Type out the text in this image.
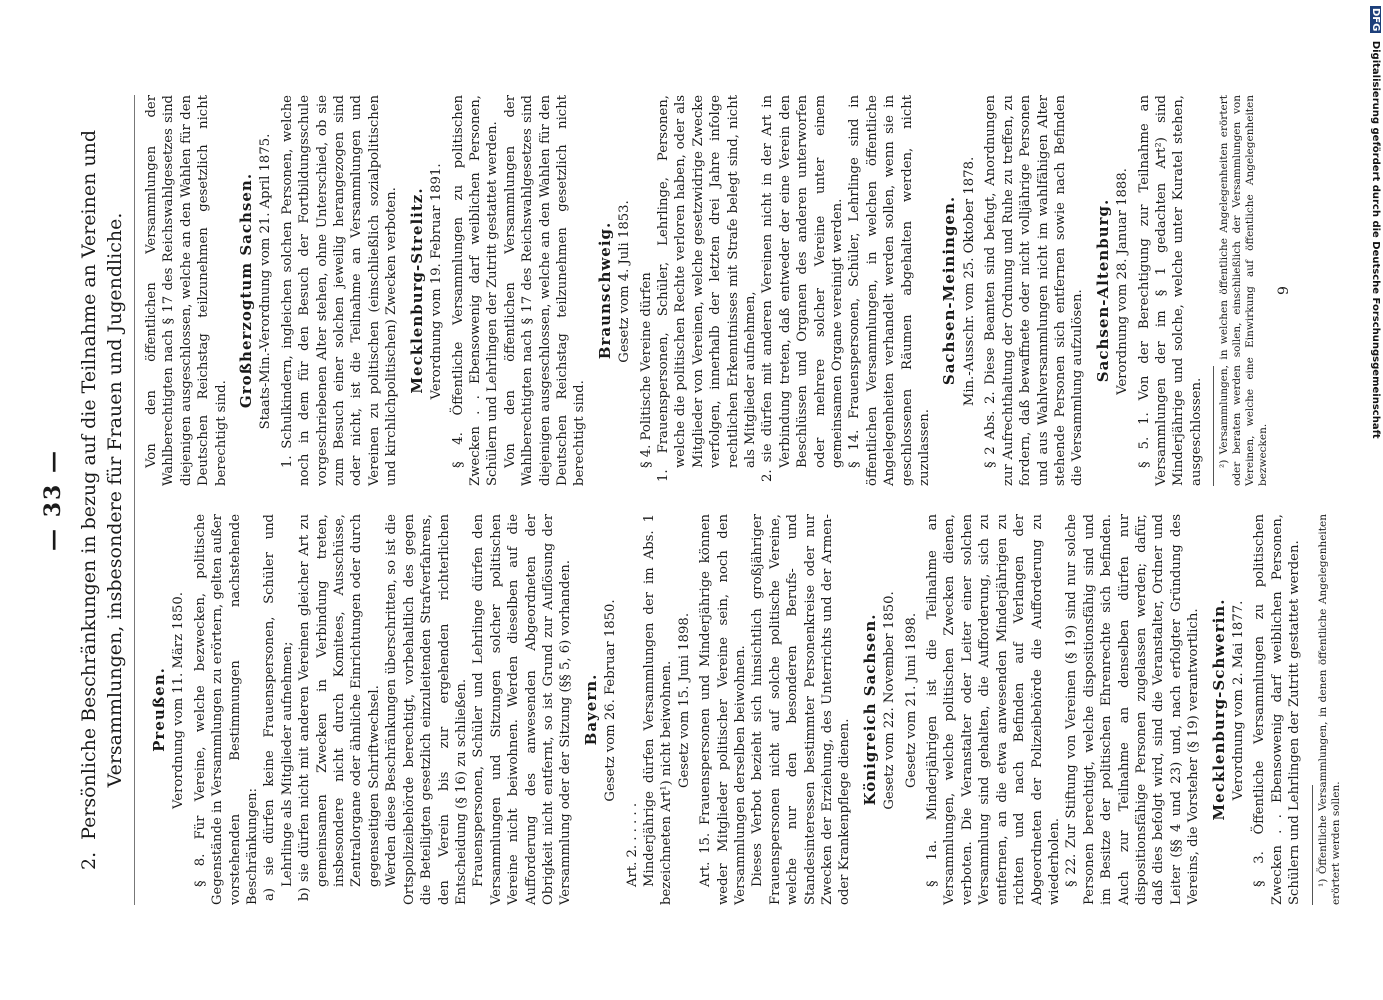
— 33 —
2.Persönliche Beschränkungen in bezug auf die Teilnahme an Vereinen und Versammlungen, insbesondere für Frauen und Jugendliche. Preußen. Verordnung vom 11. März 1850. § 8. Für Vereine, welche bezwecken, politische Gegenstände in Versammlungen zu erörtern, gelten außer vorstehenden Bestimmungen nachstehende Beschränkungen: a) sie dürfen keine Frauenspersonen, Schüler und Lehrlinge als Mitglieder aufnehmen; b) sie dürfen nicht mit anderen Vereinen gleicher Art zu gemeinsamen Zwecken in Verbindung treten, insbesondere nicht durch Komitees, Ausschüsse, Zentralorgane oder ähnliche Einrichtungen oder durch gegenseitigen Schriftwechsel. Werden diese Beschränkungen überschritten, so ist die Ortspolizeibehörde berechtigt, vorbehaltlich des gegen die Beteiligten gesetzlich einzuleitenden Strafverfahrens, den Verein bis zur ergehenden richterlichen Entscheidung (§ 16) zu schließen. Frauenspersonen, Schüler und Lehrlinge dürfen den Versammlungen und Sitzungen solcher politischen Vereine nicht beiwohnen. Werden dieselben auf die Aufforderung des anwesenden Abgeordneten der Obrigkeit nicht entfernt, so ist Grund zur Auflösung der Versammlung oder der Sitzung (§§ 5, 6) vorhanden. Bayern. Gesetz vom 26. Februar 1850.

Art. 2. . . . . . Minderjährige dürfen Versammlungen der im Abs. 1 bezeichneten Art¹) nicht beiwohnen. Gesetz vom 15. Juni 1898. Art. 15. Frauenspersonen und Minderjährige können weder Mitglieder politischer Vereine sein, noch den Versammlungen derselben beiwohnen. Dieses Verbot bezieht sich hinsichtlich großjähriger Frauenspersonen nicht auf solche politische Vereine, welche nur den besonderen Berufs- und Standesinteressen bestimmter Personenkreise oder nur Zwecken der Erziehung, des Unterrichts und der Armen- oder Krankenpflege dienen.

Königreich Sachsen. Gesetz vom 22. November 1850. Gesetz vom 21. Juni 1898. § 1a. Minderjährigen ist die Teilnahme an Versammlungen, welche politischen Zwecken dienen, verboten. Die Veranstalter oder Leiter einer solchen Versammlung sind gehalten, die Aufforderung, sich zu entfernen, an die etwa anwesenden Minderjährigen zu richten und nach Befinden auf Verlangen der Abgeordneten der Polizeibehörde die Aufforderung zu wiederholen. § 22. Zur Stiftung von Vereinen (§ 19) sind nur solche Personen berechtigt, welche dispositionsfähig sind und im Besitze der politischen Ehrenrechte sich befinden. Auch zur Teilnahme an denselben dürfen nur dispositionsfähige Personen zugelassen werden; dafür, daß dies befolgt wird, sind die Veranstalter, Ordner und Leiter (§§ 4 und 23) und, nach erfolgter Gründung des Vereins, die Vorsteher (§ 19) verantwortlich. Mecklenburg-Schwerin. Verordnung vom 2. Mai 1877. § 3. Öffentliche Versammlungen zu politischen Zwecken . . Ebensowenig darf weiblichen Personen, Schülern und Lehrlingen der Zutritt gestattet werden. ¹) Öffentliche Versammlungen, in denen öffentliche Angelegenheiten erörtert werden sollen.

Von den öffentlichen Versammlungen der Wahlberechtigten nach § 17 des Reichswahlgesetzes sind diejenigen ausgeschlossen, welche an den Wahlen für den Deutschen Reichstag teilzunehmen gesetzlich nicht berechtigt sind.

Großherzogtum Sachsen. Staats-Min.-Verordnung vom 21. April 1875. 1. Schulkindern, ingleichen solchen Personen, welche noch in dem für den Besuch der Fortbildungsschule vorgeschriebenen Alter stehen, ohne Unterschied, ob sie zum Besuch einer solchen jeweilig herangezogen sind oder nicht, ist die Teilnahme an Versammlungen und Vereinen zu politischen (einschließlich sozialpolitischen und kirchlichpolitischen) Zwecken verboten. Mecklenburg-Strelitz. Verordnung vom 19. Februar 1891. § 4. Öffentliche Versammlungen zu politischen Zwecken . . Ebensowenig darf weiblichen Personen, Schülern und Lehrlingen der Zutritt gestattet werden. Von den öffentlichen Versammlungen der Wahlberechtigten nach § 17 des Reichswahlgesetzes sind diejenigen ausgeschlossen, welche an den Wahlen für den Deutschen Reichstag teilzunehmen gesetzlich nicht berechtigt sind.

Braunschweig. Gesetz vom 4. Juli 1853. § 4. Politische Vereine dürfen 1. Frauenspersonen, Schüler, Lehrlinge, Personen, welche die politischen Rechte verloren haben, oder als Mitglieder von Vereinen, welche gesetzwidrige Zwecke verfolgen, innerhalb der letzten drei Jahre infolge rechtlichen Erkenntnisses mit Strafe belegt sind, nicht als Mitglieder aufnehmen, 2. sie dürfen mit anderen Vereinen nicht in der Art in Verbindung treten, daß entweder der eine Verein den Beschlüssen und Organen des anderen unterworfen oder mehrere solcher Vereine unter einem gemeinsamen Organe vereinigt werden. § 14. Frauenspersonen, Schüler, Lehrlinge sind in öffentlichen Versammlungen, in welchen öffentliche Angelegenheiten verhandelt werden sollen, wenn sie in geschlossenen Räumen abgehalten werden, nicht zuzulassen.

Sachsen-Meiningen. Min.-Ausschr. vom 25. Oktober 1878. § 2 Abs. 2. Diese Beamten sind befugt, Anordnungen zur Aufrechthaltung der Ordnung und Ruhe zu treffen, zu fordern, daß bewaffnete oder nicht volljährige Personen und aus Wahlversammlungen nicht im wahlfähigen Alter stehende Personen sich entfernen sowie nach Befinden die Versammlung aufzulösen. Sachsen-Altenburg. Verordnung vom 28. Januar 1888. § 5. 1. Von der Berechtigung zur Teilnahme an Versammlungen der im § 1 gedachten Art²) sind Minderjährige und solche, welche unter Kuratel stehen, ausgeschlossen. ²) Versammlungen, in welchen öffentliche Angelegenheiten erörtert oder beraten werden sollen, einschließlich der Versammlungen von Vereinen, welche eine Einwirkung auf öffentliche Angelegenheiten bezwecken.

9
DFG Digitalisierung gefördert durch die Deutsche Forschungsgemeinschaft
